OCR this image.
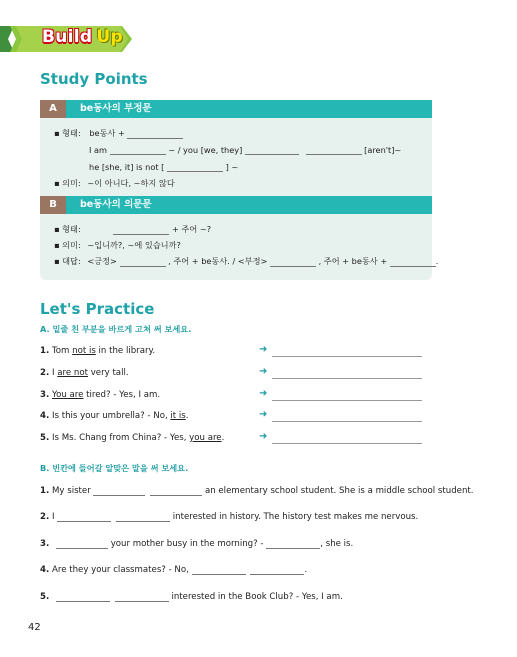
Build Up
Study Points
A	be동사의 부정문
▪ 형태: be동사 +
I am	~ / you [we, they]	[aren't]~
he [she, it] is not [	] ~
▪ 의미: ~이 아니다, ~하지 않다
B	be동사의 의문문
▪ 형태:	+ 주어 ~?
▪ 의미: ~입니까?, ~에 있습니까?
▪ 대답: <긍정>	, 주어 + be동사. / <부정>	, 주어 + be동사 +	.
Let's Practice
A. 밑줄 친 부분을 바르게 고쳐 써 보세요.
1. Tom not is in the library.
2. I are not very tall.
3. You are tired? - Yes, I am.
4. Is this your umbrella? - No, it is.
5. Is Ms. Chang from China? - Yes, you are.
➜
➜
➜
➜
➜
B. 빈칸에 들어갈 알맞은 말을 써 보세요.
1. My sister	an elementary school student. She is a middle school student.
2. I	interested in history. The history test makes me nervous.
3.	your mother busy in the morning? -	, she is.
4. Are they your classmates? - No,	.
5.	interested in the Book Club? - Yes, I am.
42
